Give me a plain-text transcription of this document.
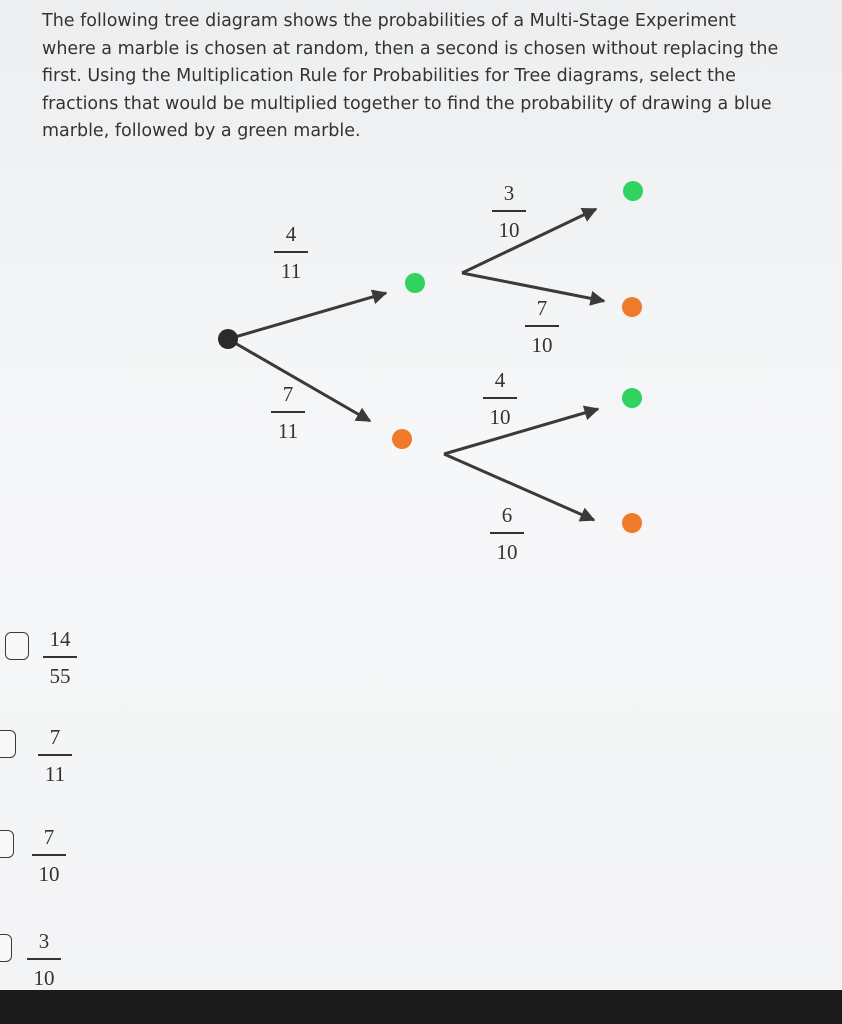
The following tree diagram shows the probabilities of a Multi-Stage Experiment
where a marble is chosen at random, then a second is chosen without replacing the
first. Using the Multiplication Rule for Probabilities for Tree diagrams, select the
fractions that would be multiplied together to find the probability of drawing a blue
marble, followed by a green marble.
4
11
7
11
3
10
7
10
4
10
6
10
14
55
7
11
7
10
3
10
